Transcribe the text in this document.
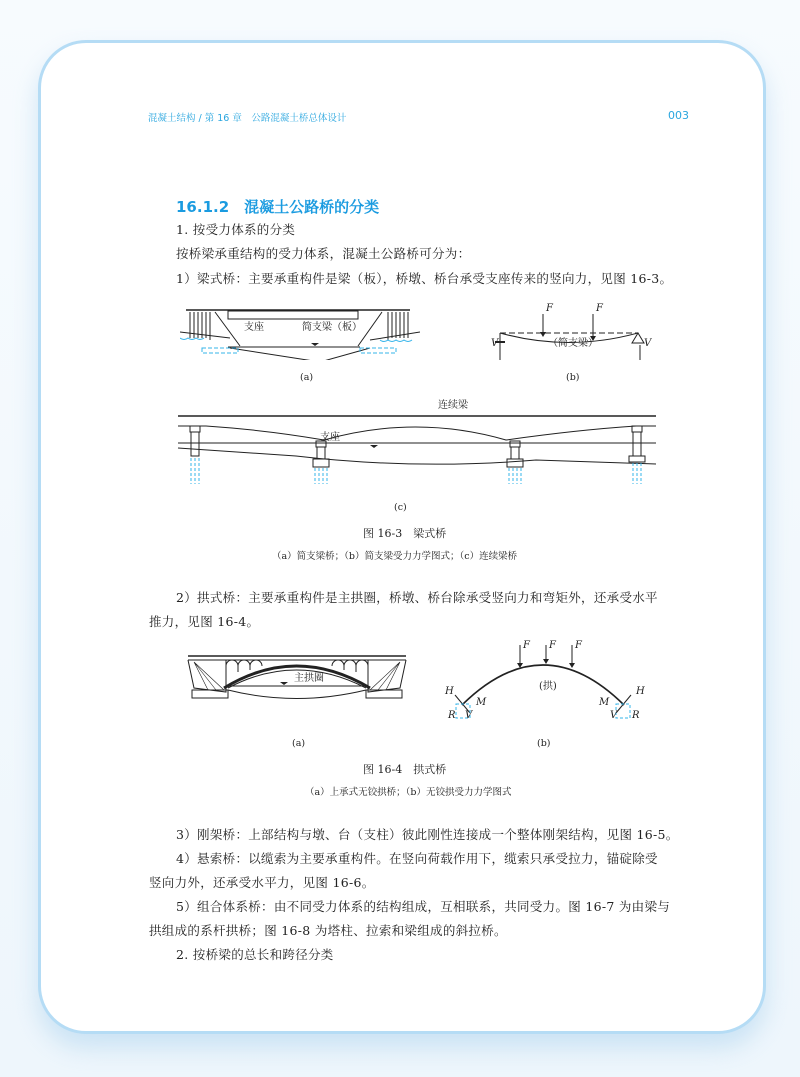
混凝土结构 / 第 16 章　公路混凝土桥总体设计	003
16.1.2　混凝土公路桥的分类
1. 按受力体系的分类
按桥梁承重结构的受力体系，混凝土公路桥可分为：
1）梁式桥：主要承重构件是梁（板），桥墩、桥台承受支座传来的竖向力，见图 16-3。
支座	简支梁（板）
(a)
F	F
V	V
（简支梁）
(b)
连续梁
支座
(c)
图 16-3　梁式桥
（a）简支梁桥；（b）简支梁受力力学图式；（c）连续梁桥
2）拱式桥：主要承重构件是主拱圈，桥墩、桥台除承受竖向力和弯矩外，还承受水平
推力，见图 16-4。
主拱圈
(a)
F F F
(拱)
H
M
R V
H
M
R
V
(b)
图 16-4　拱式桥
（a）上承式无铰拱桥；（b）无铰拱受力力学图式
3）刚架桥：上部结构与墩、台（支柱）彼此刚性连接成一个整体刚架结构，见图 16-5。
4）悬索桥：以缆索为主要承重构件。在竖向荷载作用下，缆索只承受拉力，锚碇除受
竖向力外，还承受水平力，见图 16-6。
5）组合体系桥：由不同受力体系的结构组成，互相联系，共同受力。图 16-7 为由梁与
拱组成的系杆拱桥；图 16-8 为塔柱、拉索和梁组成的斜拉桥。
2. 按桥梁的总长和跨径分类
